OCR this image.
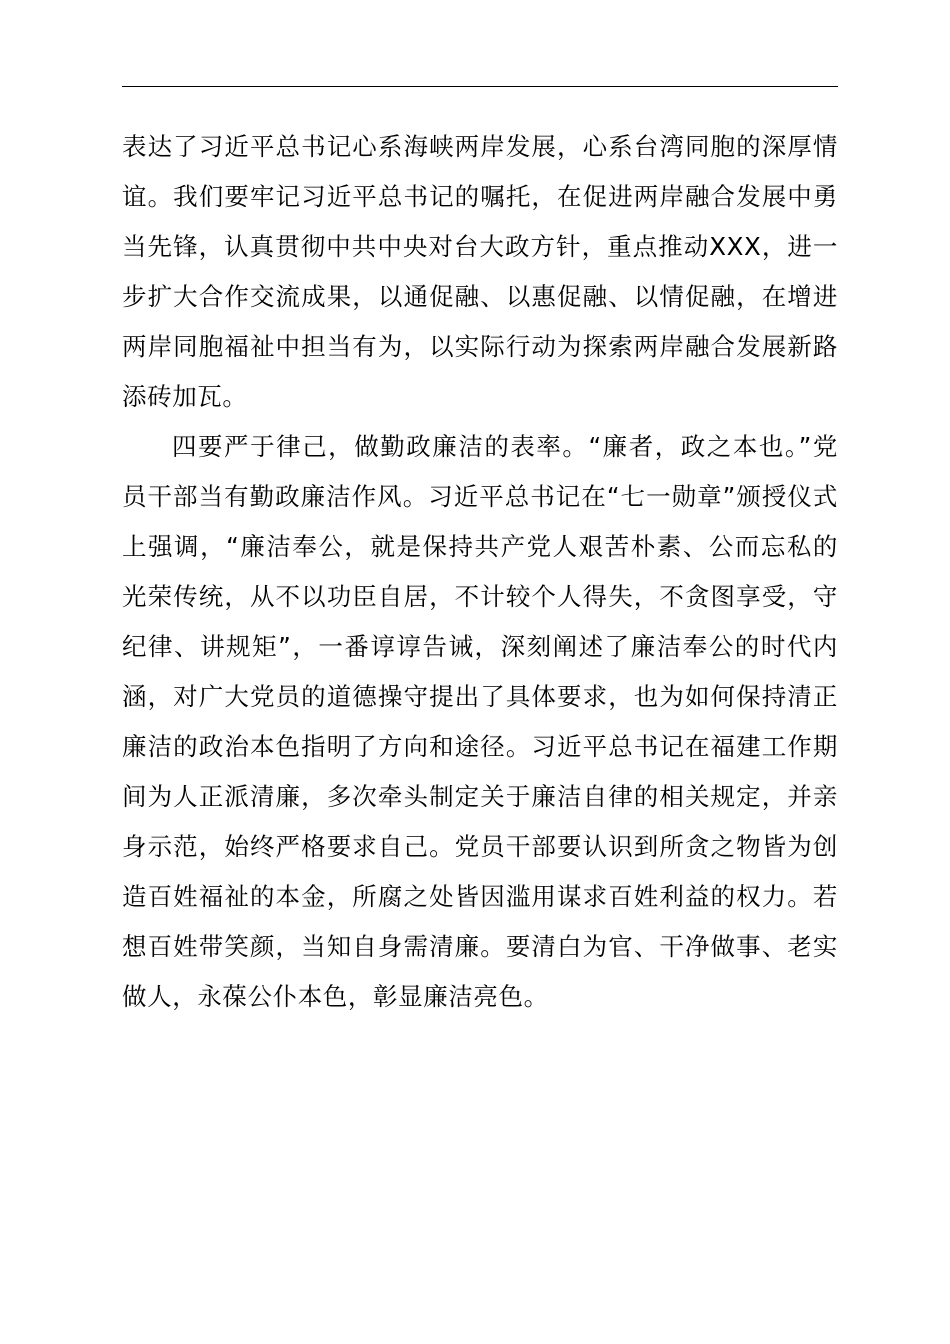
表达了习近平总书记心系海峡两岸发展，心系台湾同胞的深厚情谊。我们要牢记习近平总书记的嘱托，在促进两岸融合发展中勇当先锋，认真贯彻中共中央对台大政方针，重点推动XXX，进一步扩大合作交流成果，以通促融、以惠促融、以情促融，在增进两岸同胞福祉中担当有为，以实际行动为探索两岸融合发展新路添砖加瓦。

四要严于律己，做勤政廉洁的表率。“廉者，政之本也。”党员干部当有勤政廉洁作风。习近平总书记在“七一勋章”颁授仪式上强调，“廉洁奉公，就是保持共产党人艰苦朴素、公而忘私的光荣传统，从不以功臣自居，不计较个人得失，不贪图享受，守纪律、讲规矩”，一番谆谆告诫，深刻阐述了廉洁奉公的时代内涵，对广大党员的道德操守提出了具体要求，也为如何保持清正廉洁的政治本色指明了方向和途径。习近平总书记在福建工作期间为人正派清廉，多次牵头制定关于廉洁自律的相关规定，并亲身示范，始终严格要求自己。党员干部要认识到所贪之物皆为创造百姓福祉的本金，所腐之处皆因滥用谋求百姓利益的权力。若想百姓带笑颜，当知自身需清廉。要清白为官、干净做事、老实做人，永葆公仆本色，彰显廉洁亮色。
